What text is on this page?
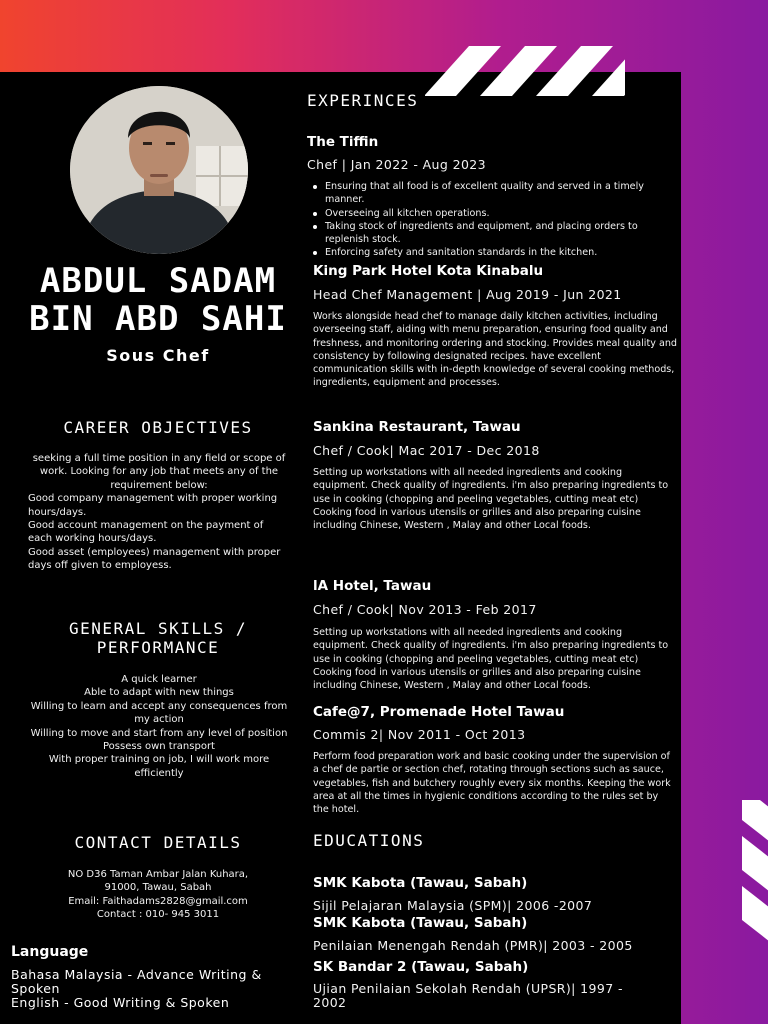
ABDUL SADAM
BIN ABD SAHI
Sous Chef
CAREER OBJECTIVES
seeking a full time position in any field or scope of work. Looking for any job that meets any of the requirement below:
Good company management with proper working hours/days.
Good account management on the payment of each working hours/days.
Good asset (employees) management with proper days off given to employess.
GENERAL SKILLS /
PERFORMANCE
A quick learner
Able to adapt with new things
Willing to learn and accept any consequences from my action
Willing to move and start from any level of position
Possess own transport
With proper training on job, I will work more efficiently
CONTACT DETAILS
NO D36 Taman Ambar Jalan Kuhara,
91000, Tawau, Sabah
Email: Faithadams2828@gmail.com
Contact : 010- 945 3011
Language
Bahasa Malaysia - Advance Writing & Spoken
English - Good Writing & Spoken
EXPERINCES
The Tiffin
Chef | Jan 2022 - Aug 2023
Ensuring that all food is of excellent quality and served in a timely manner.
Overseeing all kitchen operations.
Taking stock of ingredients and equipment, and placing orders to replenish stock.
Enforcing safety and sanitation standards in the kitchen.
King Park Hotel Kota Kinabalu
Head Chef Management | Aug 2019 - Jun 2021
Works alongside head chef to manage daily kitchen activities, including overseeing staff, aiding with menu preparation, ensuring food quality and freshness, and monitoring ordering and stocking. Provides meal quality and consistency by following designated recipes. have excellent communication skills with in-depth knowledge of several cooking methods, ingredients, equipment and processes.
Sankina Restaurant, Tawau
Chef / Cook| Mac 2017 - Dec 2018
Setting up workstations with all needed ingredients and cooking equipment. Check quality of ingredients. i'm also preparing ingredients to use in cooking (chopping and peeling vegetables, cutting meat etc) Cooking food in various utensils or grilles and also preparing cuisine including Chinese, Western , Malay and other Local foods.
lA Hotel, Tawau
Chef / Cook| Nov 2013 - Feb 2017
Setting up workstations with all needed ingredients and cooking equipment. Check quality of ingredients. i'm also preparing ingredients to use in cooking (chopping and peeling vegetables, cutting meat etc) Cooking food in various utensils or grilles and also preparing cuisine including Chinese, Western , Malay and other Local foods.
Cafe@7, Promenade Hotel Tawau
Commis 2| Nov 2011 - Oct 2013
Perform food preparation work and basic cooking under the supervision of a chef de partie or section chef, rotating through sections such as sauce, vegetables, fish and butchery roughly every six months. Keeping the work area at all the times in hygienic conditions according to the rules set by the hotel.
EDUCATIONS
SMK Kabota (Tawau, Sabah)
Sijil Pelajaran Malaysia (SPM)| 2006 -2007
SMK Kabota (Tawau, Sabah)
Penilaian Menengah Rendah (PMR)| 2003 - 2005
SK Bandar 2 (Tawau, Sabah)
Ujian Penilaian Sekolah Rendah (UPSR)| 1997 - 2002
